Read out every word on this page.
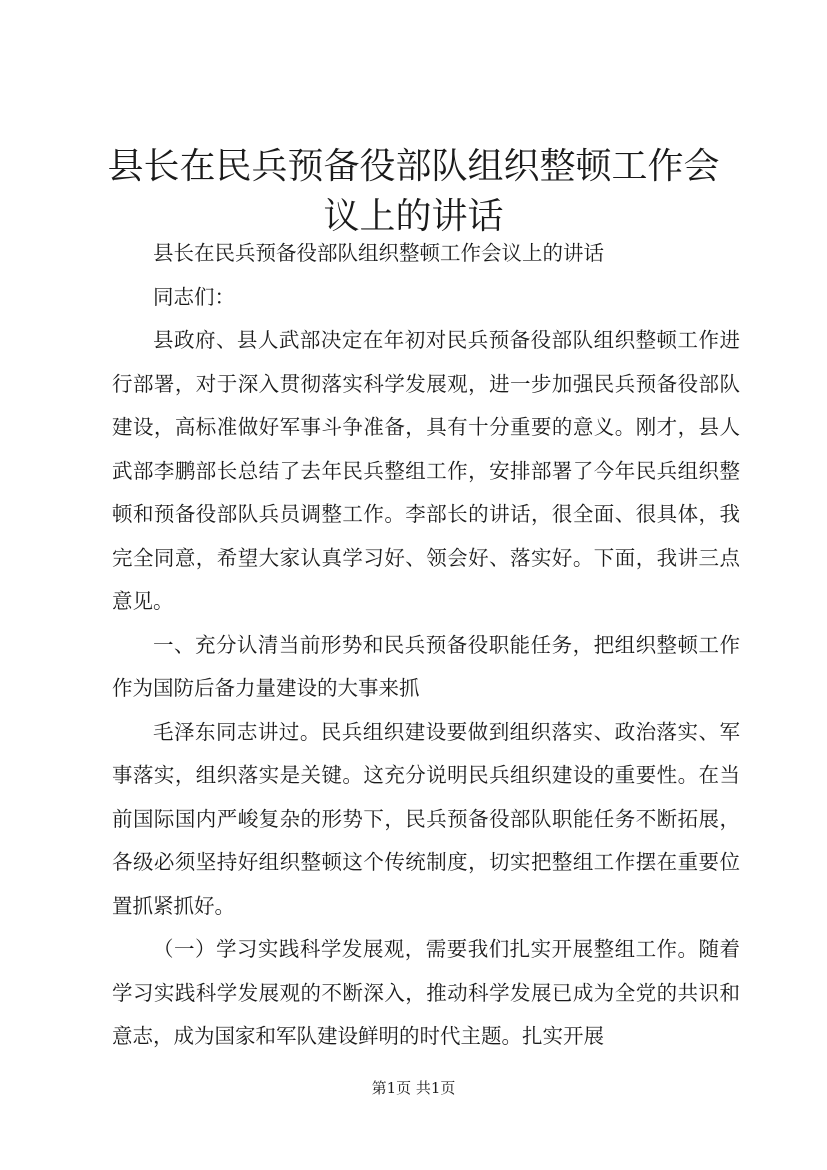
县长在民兵预备役部队组织整顿工作会议上的讲话

县长在民兵预备役部队组织整顿工作会议上的讲话

同志们：

县政府、县人武部决定在年初对民兵预备役部队组织整顿工作进行部署，对于深入贯彻落实科学发展观，进一步加强民兵预备役部队建设，高标准做好军事斗争准备，具有十分重要的意义。刚才，县人武部李鹏部长总结了去年民兵整组工作，安排部署了今年民兵组织整顿和预备役部队兵员调整工作。李部长的讲话，很全面、很具体，我完全同意，希望大家认真学习好、领会好、落实好。下面，我讲三点意见。

一、充分认清当前形势和民兵预备役职能任务，把组织整顿工作作为国防后备力量建设的大事来抓

毛泽东同志讲过。民兵组织建设要做到组织落实、政治落实、军事落实，组织落实是关键。这充分说明民兵组织建设的重要性。在当前国际国内严峻复杂的形势下，民兵预备役部队职能任务不断拓展，各级必须坚持好组织整顿这个传统制度，切实把整组工作摆在重要位置抓紧抓好。

（一）学习实践科学发展观，需要我们扎实开展整组工作。随着学习实践科学发展观的不断深入，推动科学发展已成为全党的共识和意志，成为国家和军队建设鲜明的时代主题。扎实开展

第1页 共1页
